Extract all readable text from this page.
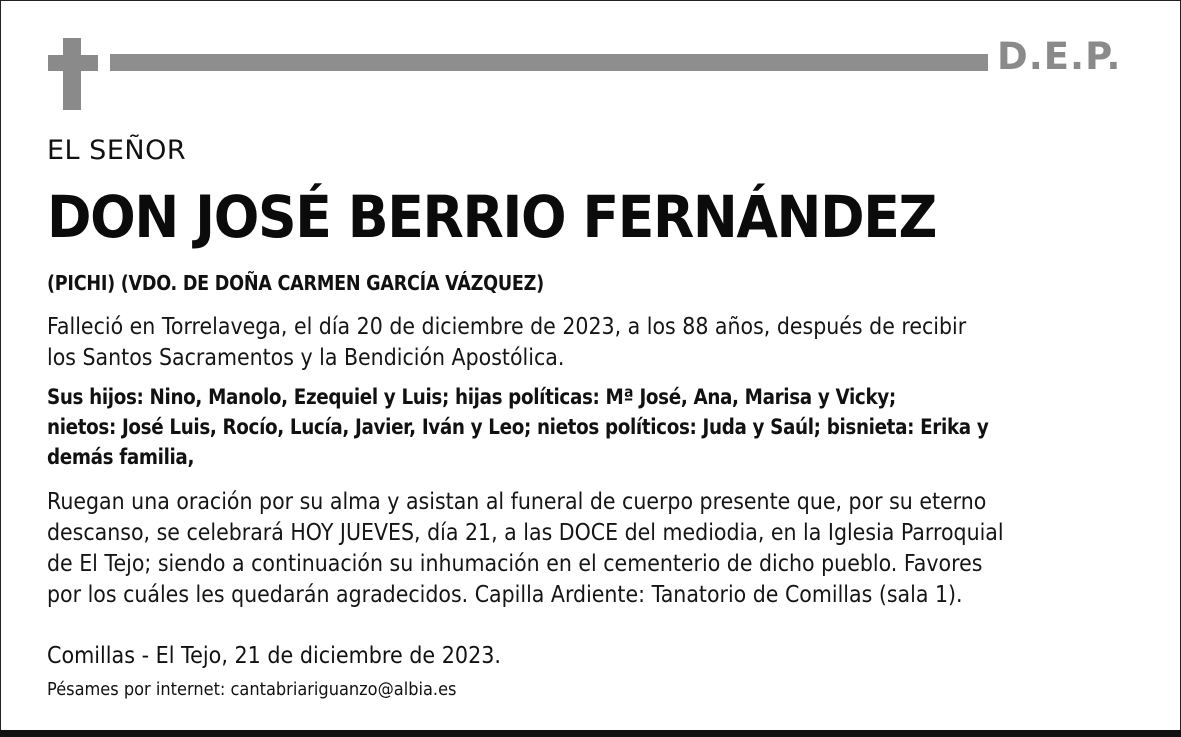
D.E.P.
EL SEÑOR
DON JOSÉ BERRIO FERNÁNDEZ
(PICHI) (VDO. DE DOÑA CARMEN GARCÍA VÁZQUEZ)
Falleció en Torrelavega, el día 20 de diciembre de 2023, a los 88 años, después de recibir
los Santos Sacramentos y la Bendición Apostólica.
Sus hijos: Nino, Manolo, Ezequiel y Luis; hijas políticas: Mª José, Ana, Marisa y Vicky;
nietos: José Luis, Rocío, Lucía, Javier, Iván y Leo; nietos políticos: Juda y Saúl; bisnieta: Erika y
demás familia,
Ruegan una oración por su alma y asistan al funeral de cuerpo presente que, por su eterno
descanso, se celebrará HOY JUEVES, día 21, a las DOCE del mediodia, en la Iglesia Parroquial
de El Tejo; siendo a continuación su inhumación en el cementerio de dicho pueblo. Favores
por los cuáles les quedarán agradecidos. Capilla Ardiente: Tanatorio de Comillas (sala 1).
Comillas - El Tejo, 21 de diciembre de 2023.
Pésames por internet: cantabriariguanzo@albia.es
